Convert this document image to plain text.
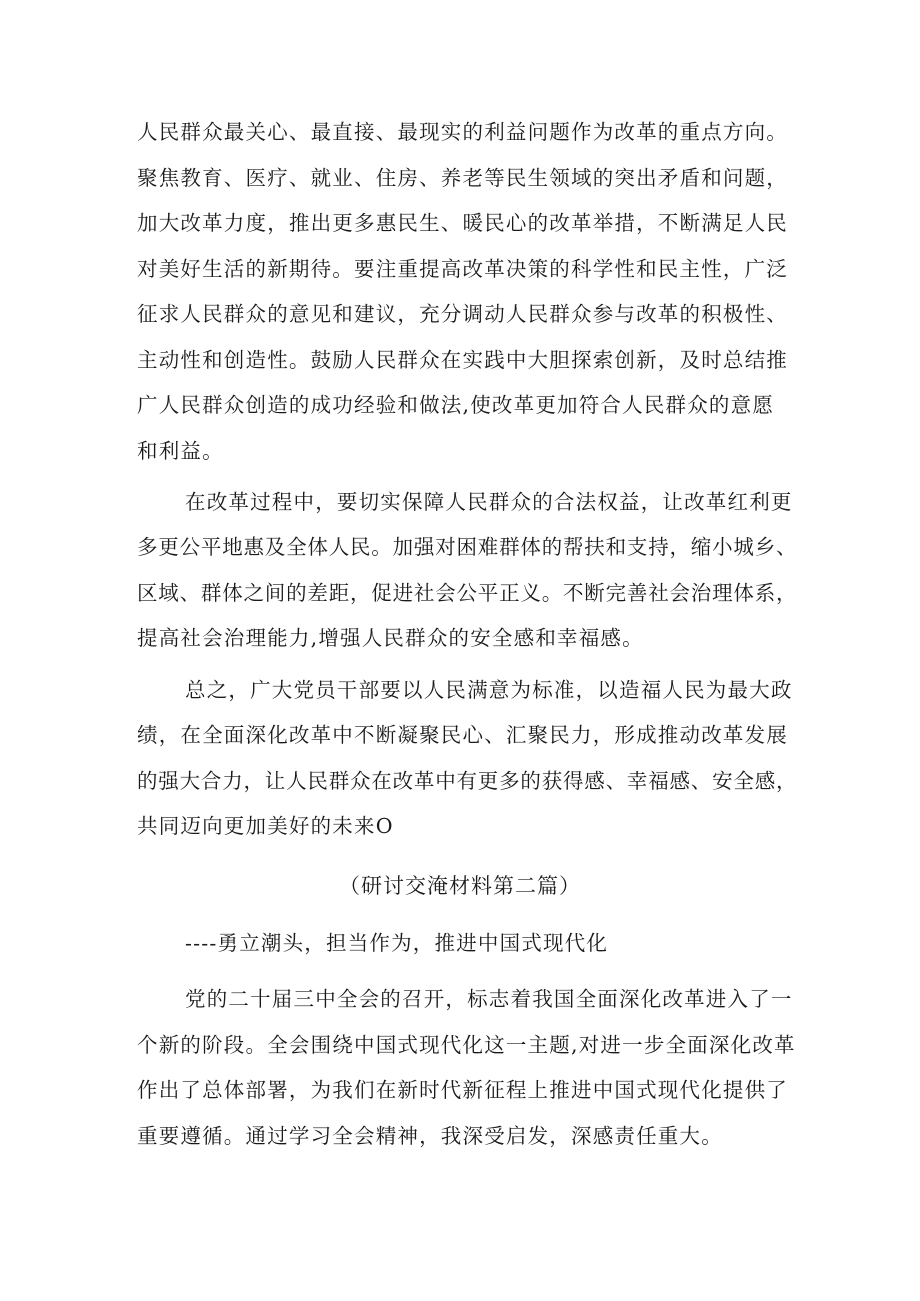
人民群众最关心、最直接、最现实的利益问题作为改革的重点方向。
聚焦教育、医疗、就业、住房、养老等民生领域的突出矛盾和问题，
加大改革力度，推出更多惠民生、暖民心的改革举措，不断满足人民
对美好生活的新期待。要注重提高改革决策的科学性和民主性，广泛
征求人民群众的意见和建议，充分调动人民群众参与改革的积极性、
主动性和创造性。鼓励人民群众在实践中大胆探索创新，及时总结推
广人民群众创造的成功经验和做法,使改革更加符合人民群众的意愿
和利益。
在改革过程中，要切实保障人民群众的合法权益，让改革红利更
多更公平地惠及全体人民。加强对困难群体的帮扶和支持，缩小城乡、
区域、群体之间的差距，促进社会公平正义。不断完善社会治理体系，
提高社会治理能力,增强人民群众的安全感和幸福感。
总之，广大党员干部要以人民满意为标准，以造福人民为最大政
绩，在全面深化改革中不断凝聚民心、汇聚民力，形成推动改革发展
的强大合力，让人民群众在改革中有更多的获得感、幸福感、安全感，
共同迈向更加美好的未来O
（研讨交淹材料第二篇）
----勇立潮头，担当作为，推进中国式现代化
党的二十届三中全会的召开，标志着我国全面深化改革进入了一
个新的阶段。全会围绕中国式现代化这一主题,对进一步全面深化改革
作出了总体部署，为我们在新时代新征程上推进中国式现代化提供了
重要遵循。通过学习全会精神，我深受启发，深感责任重大。
